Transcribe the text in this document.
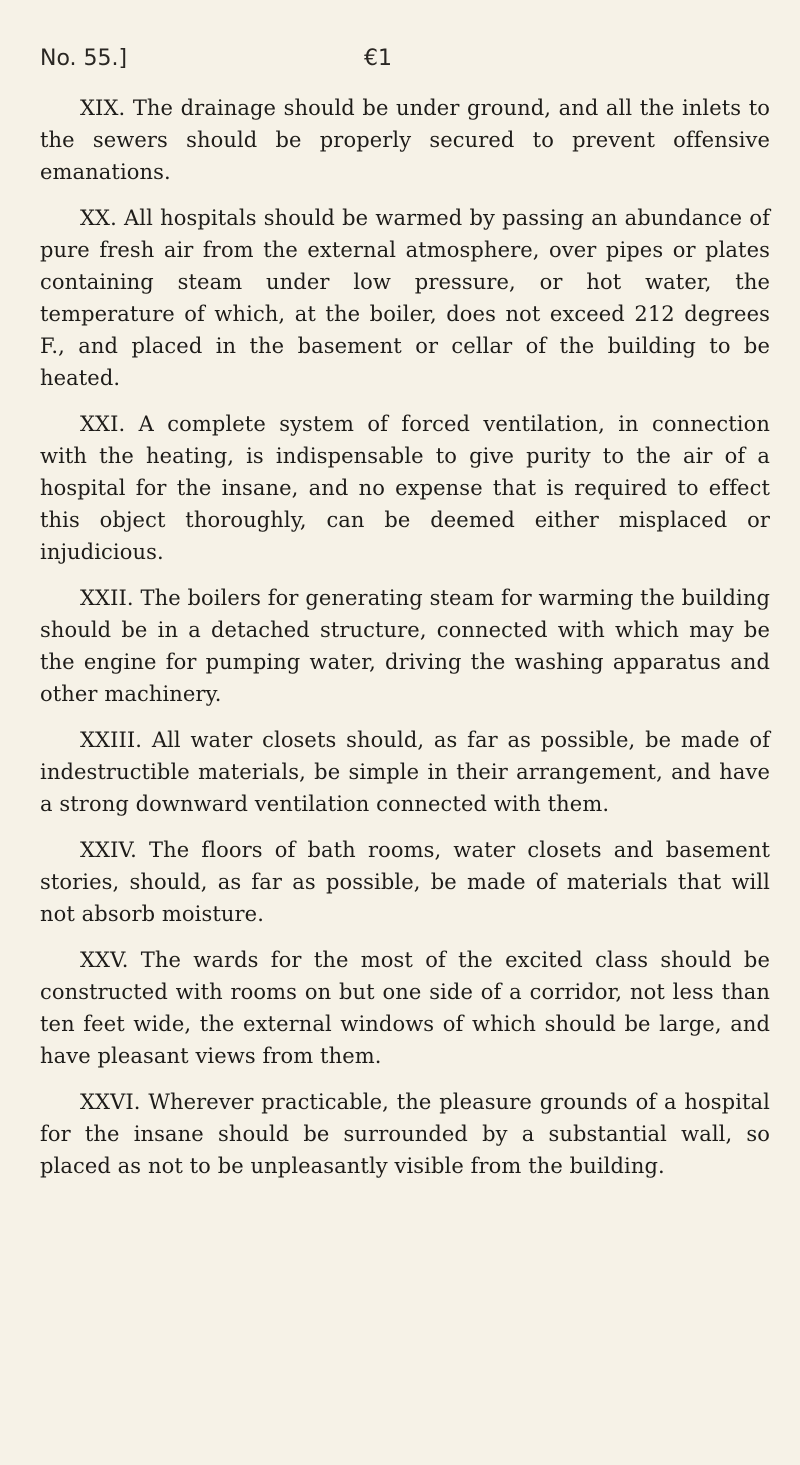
No. 55.]	€1

XIX. The drainage should be under ground, and all the inlets to the sewers should be properly secured to prevent offensive emanations.

XX. All hospitals should be warmed by passing an abundance of pure fresh air from the external atmosphere, over pipes or plates containing steam under low pressure, or hot water, the temperature of which, at the boiler, does not exceed 212 degrees F., and placed in the basement or cellar of the building to be heated.

XXI. A complete system of forced ventilation, in connection with the heating, is indispensable to give purity to the air of a hospital for the insane, and no expense that is required to effect this object thoroughly, can be deemed either misplaced or injudicious.

XXII. The boilers for generating steam for warming the building should be in a detached structure, connected with which may be the engine for pumping water, driving the washing apparatus and other machinery.

XXIII. All water closets should, as far as possible, be made of indestructible materials, be simple in their arrangement, and have a strong downward ventilation connected with them.

XXIV. The floors of bath rooms, water closets and basement stories, should, as far as possible, be made of materials that will not absorb moisture.

XXV. The wards for the most of the excited class should be constructed with rooms on but one side of a corridor, not less than ten feet wide, the external windows of which should be large, and have pleasant views from them.

XXVI. Wherever practicable, the pleasure grounds of a hospital for the insane should be surrounded by a substantial wall, so placed as not to be unpleasantly visible from the building.
